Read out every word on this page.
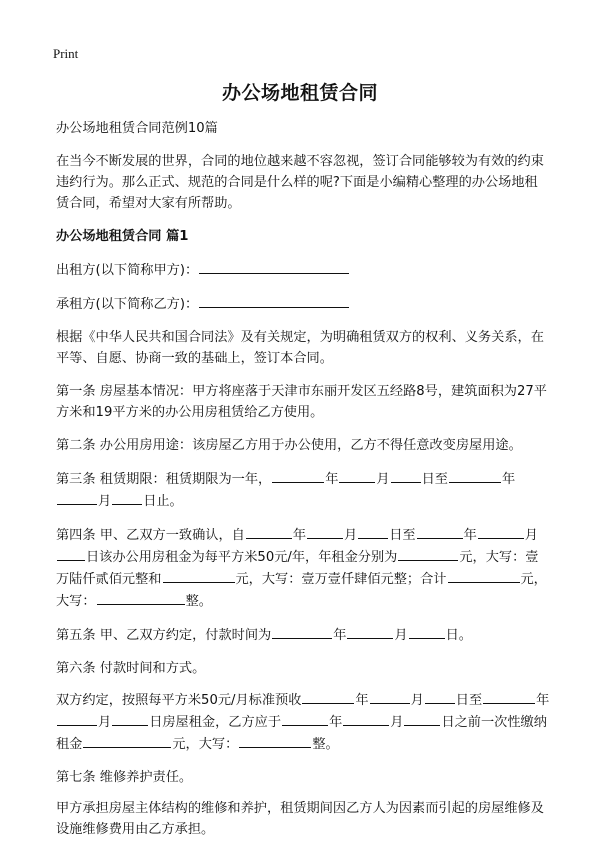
Print
办公场地租赁合同

办公场地租赁合同范例10篇

在当今不断发展的世界，合同的地位越来越不容忽视，签订合同能够较为有效的约束违约行为。那么正式、规范的合同是什么样的呢?下面是小编精心整理的办公场地租赁合同，希望对大家有所帮助。

办公场地租赁合同 篇1

出租方(以下简称甲方)：

承租方(以下简称乙方)：

根据《中华人民共和国合同法》及有关规定，为明确租赁双方的权利、义务关系，在平等、自愿、协商一致的基础上，签订本合同。

第一条 房屋基本情况：甲方将座落于天津市东丽开发区五经路8号，建筑面积为27平方米和19平方米的办公用房租赁给乙方使用。

第二条 办公用房用途：该房屋乙方用于办公使用，乙方不得任意改变房屋用途。

第三条 租赁期限：租赁期限为一年，	年	月 日至	年月 日止。

第四条 甲、乙双方一致确认，自	年	月 日至	年	月日该办公用房租金为每平方米50元/年，年租金分别为	元，大写：壹万陆仟贰佰元整和	元，大写：壹万壹仟肆佰元整；合计	元，大写：	整。

第五条 甲、乙双方约定，付款时间为	年	月	日。

第六条 付款时间和方式。

双方约定，按照每平方米50元/月标准预收	年	月 日至	年月	日房屋租金，乙方应于	年	月	日之前一次性缴纳租金	元，大写：	整。

第七条 维修养护责任。

甲方承担房屋主体结构的维修和养护，租赁期间因乙方人为因素而引起的房屋维修及设施维修费用由乙方承担。
